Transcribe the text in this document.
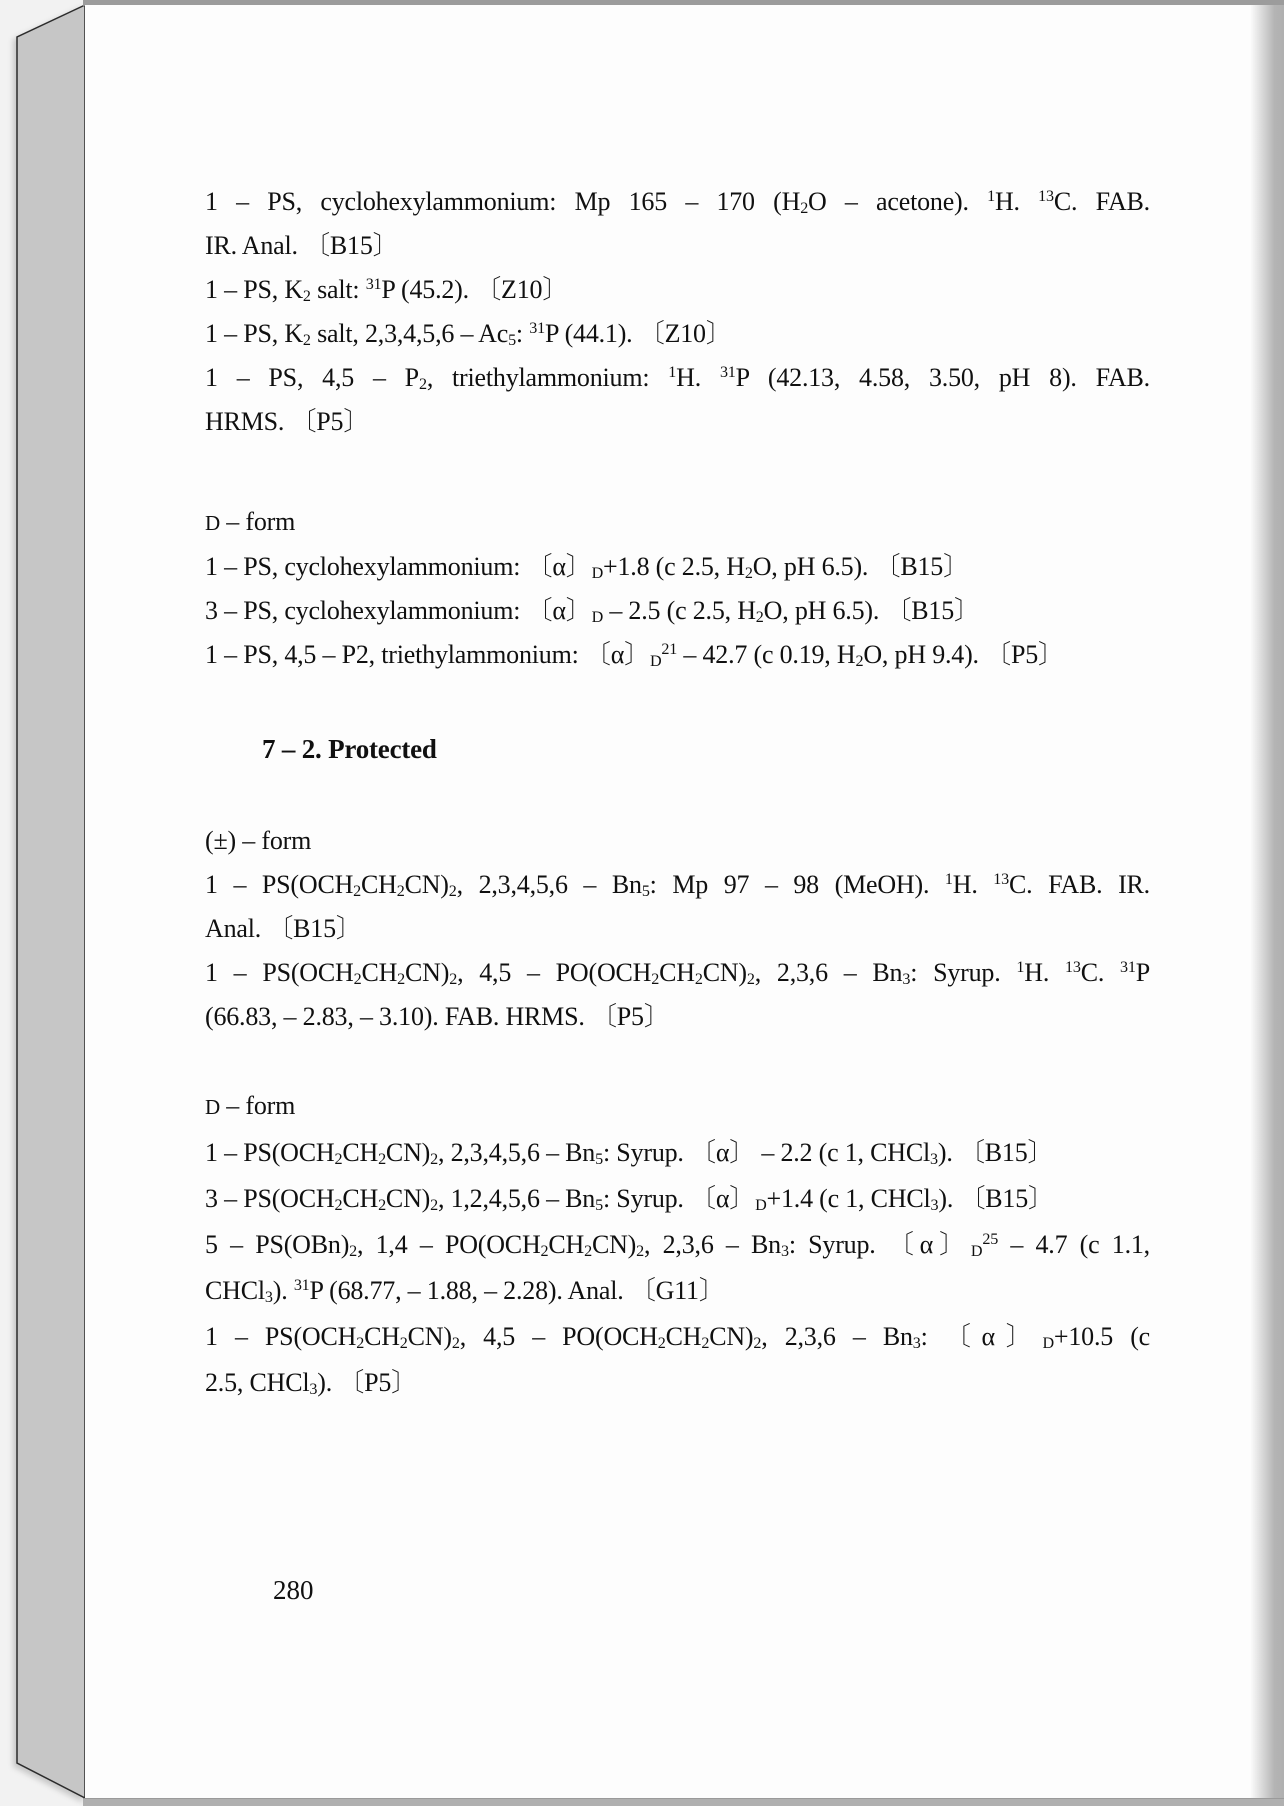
1 – PS, cyclohexylammonium: Mp 165 – 170 ($H_2O$ – acetone). $^1$H. $^{13}$C. FAB.
IR. Anal. 〔B15〕
1 – PS, $K_2$ salt: $^{31}$P (45.2). 〔Z10〕
1 – PS, $K_2$ salt, $2,3,4,5,6 - Ac_5$: $^{31}$P (44.1). 〔Z10〕
1 – PS, $4,5 - P_2$, triethylammonium: $^1$H. $^{31}$P (42.13, 4.58, 3.50, pH 8). FAB.
HRMS. 〔P5〕
D – form
1 – PS, cyclohexylammonium: 〔α〕$_D$+1.8 (c 2.5, $H_2O$, pH 6.5). 〔B15〕
3 – PS, cyclohexylammonium: 〔α〕$_D$ – 2.5 (c 2.5, $H_2O$, pH 6.5). 〔B15〕
1 – PS, 4,5 – P2, triethylammonium: 〔α〕$_D^{21}$ – 42.7 (c 0.19, $H_2O$, pH 9.4). 〔P5〕
7 – 2. Protected
(±) – form
$1 - PS(OCH_2CH_2CN)_2$, $2,3,4,5,6 - Bn_5$: Mp 97 – 98 (MeOH). $^1$H. $^{13}$C. FAB. IR.
Anal. 〔B15〕
$1 - PS(OCH_2CH_2CN)_2$, $4,5 - PO(OCH_2CH_2CN)_2$, $2,3,6 - Bn_3$: Syrup. $^1$H. $^{13}$C. $^{31}$P
(66.83, – 2.83, – 3.10). FAB. HRMS. 〔P5〕
D – form
$1 - PS(OCH_2CH_2CN)_2$, $2,3,4,5,6 - Bn_5$: Syrup. 〔α〕 – 2.2 (c 1, CHCl$_3$). 〔B15〕
$3 - PS(OCH_2CH_2CN)_2$, $1,2,4,5,6 - Bn_5$: Syrup. 〔α〕$_D$+1.4 (c 1, CHCl$_3$). 〔B15〕
$5 - PS(OBn)_2$, $1,4 - PO(OCH_2CH_2CN)_2$, $2,3,6 - Bn_3$: Syrup. 〔α〕$_D^{25}$ – 4.7 (c 1.1,
CHCl$_3$). $^{31}$P (68.77, – 1.88, – 2.28). Anal. 〔G11〕
$1 - PS(OCH_2CH_2CN)_2$, $4,5 - PO(OCH_2CH_2CN)_2$, $2,3,6 - Bn_3$: 〔α〕$_D$+10.5 (c
2.5, CHCl$_3$). 〔P5〕
280
